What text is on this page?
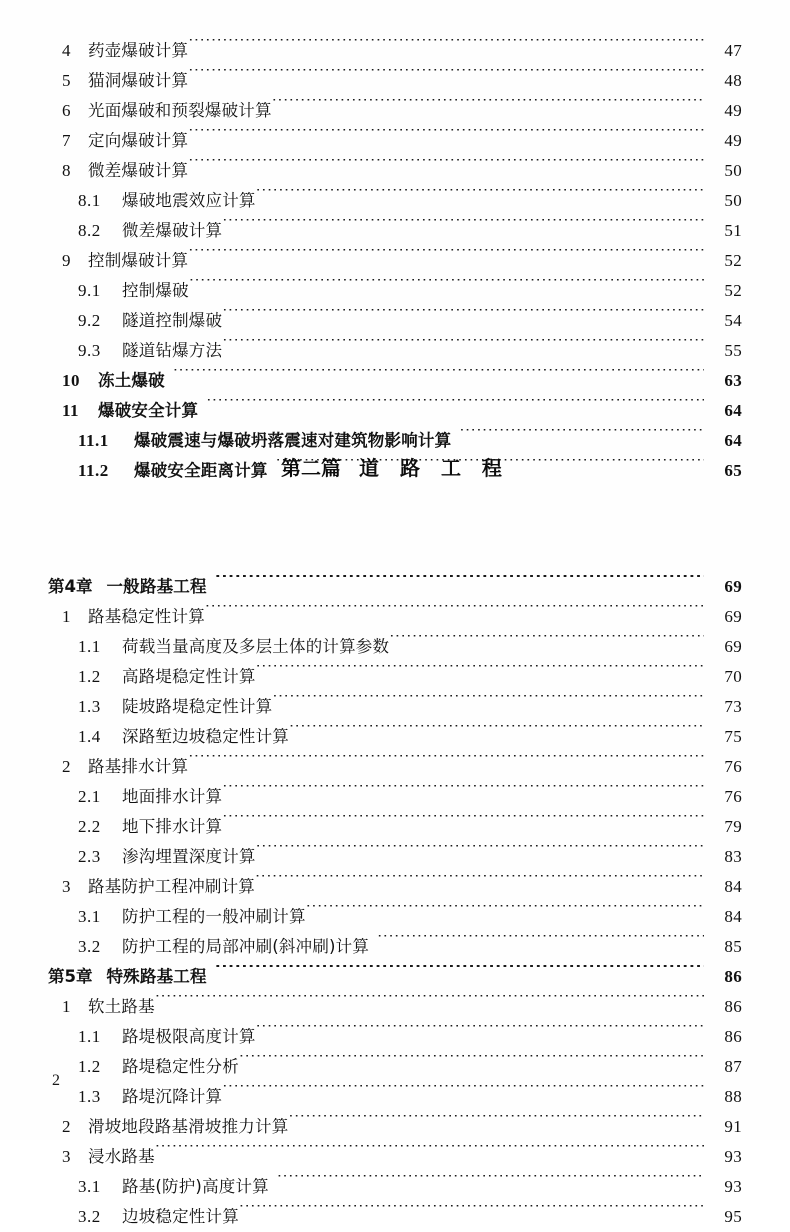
4	药壶爆破计算 ·····	47
5	猫洞爆破计算 ·····	48
6	光面爆破和预裂爆破计算 ·····	49
7	定向爆破计算 ·····	49
8	微差爆破计算 ·····	50
8.1	爆破地震效应计算 ·····	50
8.2	微差爆破计算 ·····	51
9	控制爆破计算 ·····	52
9.1	控制爆破 ·····	52
9.2	隧道控制爆破 ·····	54
9.3	隧道钻爆方法 ·····	55
10	冻土爆破 ·····	63
11	爆破安全计算 ·····	64
11.1	爆破震速与爆破坍落震速对建筑物影响计算 ·····	64
11.2	爆破安全距离计算 ·····	65
第4章 一般路基工程 ·····	69
1	路基稳定性计算 ·····	69
1.1	荷载当量高度及多层土体的计算参数 ·····	69
1.2	高路堤稳定性计算 ·····	70
1.3	陡坡路堤稳定性计算 ·····	73
1.4	深路堑边坡稳定性计算 ·····	75
2	路基排水计算 ·····	76
2.1	地面排水计算 ·····	76
2.2	地下排水计算 ·····	79
2.3	渗沟埋置深度计算 ·····	83
3	路基防护工程冲刷计算 ·····	84
3.1	防护工程的一般冲刷计算 ·····	84
3.2	防护工程的局部冲刷(斜冲刷)计算 ·····	85
第5章 特殊路基工程 ·····	86
1	软土路基 ·····	86
1.1	路堤极限高度计算 ·····	86
1.2	路堤稳定性分析 ·····	87
1.3	路堤沉降计算 ·····	88
2	滑坡地段路基滑坡推力计算 ·····	91
3	浸水路基 ·····	93
3.1	路基(防护)高度计算 ·····	93
3.2	边坡稳定性计算 ·····	95
第二篇 道 路 工 程
2
